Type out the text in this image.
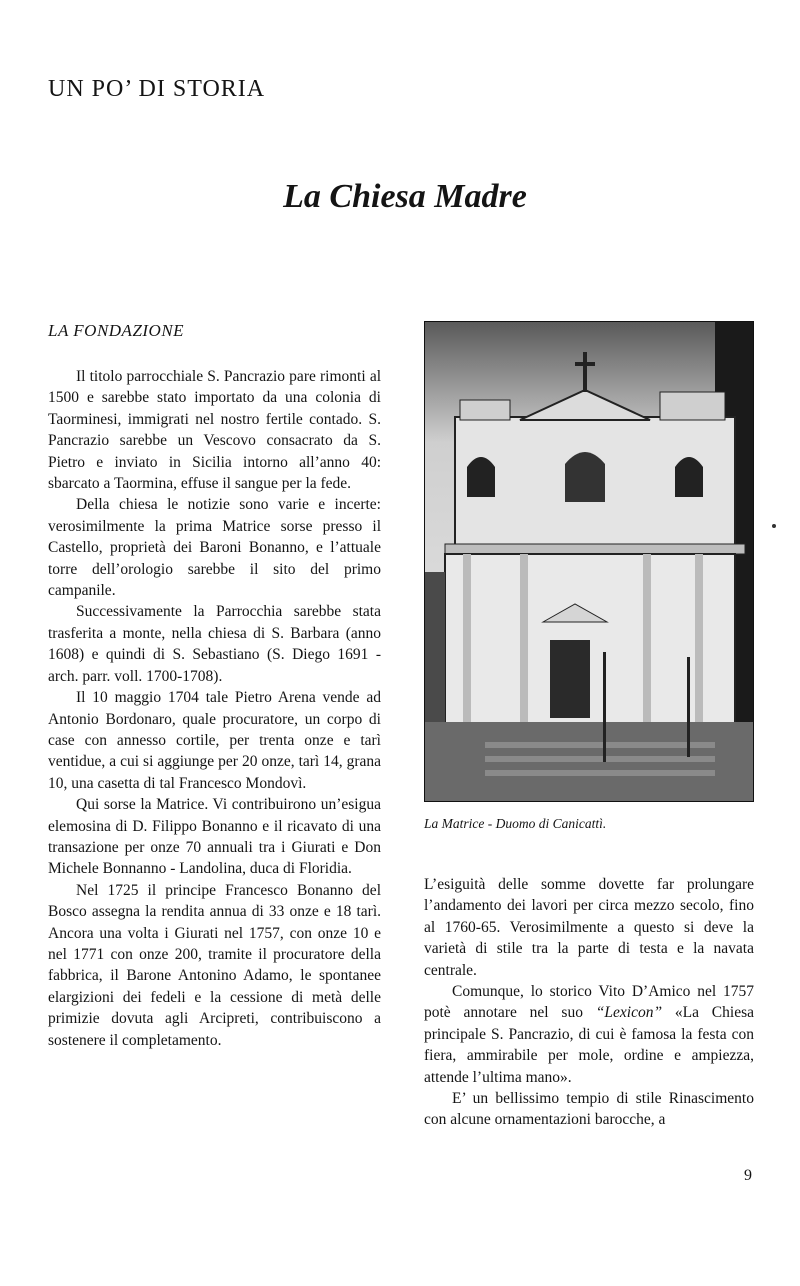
UN PO’ DI STORIA
La Chiesa Madre
LA FONDAZIONE

Il titolo parrocchiale S. Pancrazio pare rimonti al 1500 e sarebbe stato importato da una colonia di Taorminesi, immigrati nel nostro fertile contado. S. Pancrazio sarebbe un Vescovo consacrato da S. Pietro e inviato in Sicilia intorno all’anno 40: sbarcato a Taormina, effuse il sangue per la fede.

Della chiesa le notizie sono varie e incerte: verosimilmente la prima Matrice sorse presso il Castello, proprietà dei Baroni Bonanno, e l’attuale torre dell’orologio sarebbe il sito del primo campanile.

Successivamente la Parrocchia sarebbe stata trasferita a monte, nella chiesa di S. Barbara (anno 1608) e quindi di S. Sebastiano (S. Diego 1691 - arch. parr. voll. 1700-1708).

Il 10 maggio 1704 tale Pietro Arena vende ad Antonio Bordonaro, quale procuratore, un corpo di case con annesso cortile, per trenta onze e tarì ventidue, a cui si aggiunge per 20 onze, tarì 14, grana 10, una casetta di tal Francesco Mondovì.

Qui sorse la Matrice. Vi contribuirono un’esigua elemosina di D. Filippo Bonanno e il ricavato di una transazione per onze 70 annuali tra i Giurati e Don Michele Bonnanno - Landolina, duca di Floridia.

Nel 1725 il principe Francesco Bonanno del Bosco assegna la rendita annua di 33 onze e 18 tarì. Ancora una volta i Giurati nel 1757, con onze 10 e nel 1771 con onze 200, tramite il procuratore della fabbrica, il Barone Antonino Adamo, le spontanee elargizioni dei fedeli e la cessione di metà delle primizie dovuta agli Arcipreti, contribuiscono a sostenere il completamento.

La Matrice - Duomo di Canicattì.

L’esiguità delle somme dovette far prolungare l’andamento dei lavori per circa mezzo secolo, fino al 1760-65. Verosimilmente a questo si deve la varietà di stile tra la parte di testa e la navata centrale.

Comunque, lo storico Vito D’Amico nel 1757 potè annotare nel suo “Lexicon” «La Chiesa principale S. Pancrazio, di cui è famosa la festa con fiera, ammirabile per mole, ordine e ampiezza, attende l’ultima mano».

E’ un bellissimo tempio di stile Rinascimento con alcune ornamentazioni barocche, a

9
